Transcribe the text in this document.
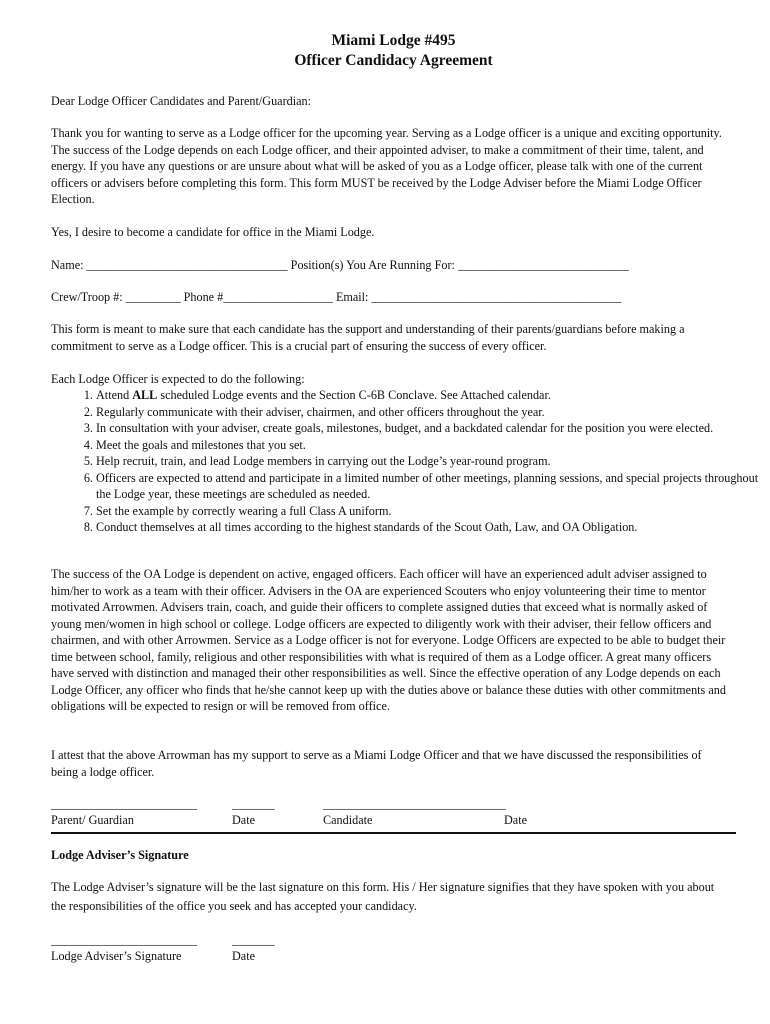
Miami Lodge #495
Officer Candidacy Agreement

Dear Lodge Officer Candidates and Parent/Guardian:

Thank you for wanting to serve as a Lodge officer for the upcoming year. Serving as a Lodge officer is a unique and exciting opportunity. The success of the Lodge depends on each Lodge officer, and their appointed adviser, to make a commitment of their time, talent, and energy. If you have any questions or are unsure about what will be asked of you as a Lodge officer, please talk with one of the current officers or advisers before completing this form. This form MUST be received by the Lodge Adviser before the Miami Lodge Officer Election.

Yes, I desire to become a candidate for office in the Miami Lodge.

Name: _________________________________ Position(s) You Are Running For: ____________________________

Crew/Troop #: _________ Phone #__________________ Email: _________________________________________

This form is meant to make sure that each candidate has the support and understanding of their parents/guardians before making a commitment to serve as a Lodge officer. This is a crucial part of ensuring the success of every officer.

Each Lodge Officer is expected to do the following:

1. Attend ALL scheduled Lodge events and the Section C-6B Conclave. See Attached calendar.
2. Regularly communicate with their adviser, chairmen, and other officers throughout the year.
3. In consultation with your adviser, create goals, milestones, budget, and a backdated calendar for the position you were elected.
4. Meet the goals and milestones that you set.
5. Help recruit, train, and lead Lodge members in carrying out the Lodge’s year-round program.
6. Officers are expected to attend and participate in a limited number of other meetings, planning sessions, and special projects throughout the Lodge year, these meetings are scheduled as needed.
7. Set the example by correctly wearing a full Class A uniform.
8. Conduct themselves at all times according to the highest standards of the Scout Oath, Law, and OA Obligation.

The success of the OA Lodge is dependent on active, engaged officers. Each officer will have an experienced adult adviser assigned to him/her to work as a team with their officer. Advisers in the OA are experienced Scouters who enjoy volunteering their time to mentor motivated Arrowmen. Advisers train, coach, and guide their officers to complete assigned duties that exceed what is normally asked of young men/women in high school or college. Lodge officers are expected to diligently work with their adviser, their fellow officers and chairmen, and with other Arrowmen. Service as a Lodge officer is not for everyone. Lodge Officers are expected to be able to budget their time between school, family, religious and other responsibilities with what is required of them as a Lodge officer. A great many officers have served with distinction and managed their other responsibilities as well. Since the effective operation of any Lodge depends on each Lodge Officer, any officer who finds that he/she cannot keep up with the duties above or balance these duties with other commitments and obligations will be expected to resign or will be removed from office.

I attest that the above Arrowman has my support to serve as a Miami Lodge Officer and that we have discussed the responsibilities of being a lodge officer.

________________________	_______	______________________________
Parent/ Guardian	Date	Candidate	Date
Lodge Adviser’s Signature

The Lodge Adviser’s signature will be the last signature on this form. His / Her signature signifies that they have spoken with you about the responsibilities of the office you seek and has accepted your candidacy.

________________________	_______
Lodge Adviser’s Signature	Date
